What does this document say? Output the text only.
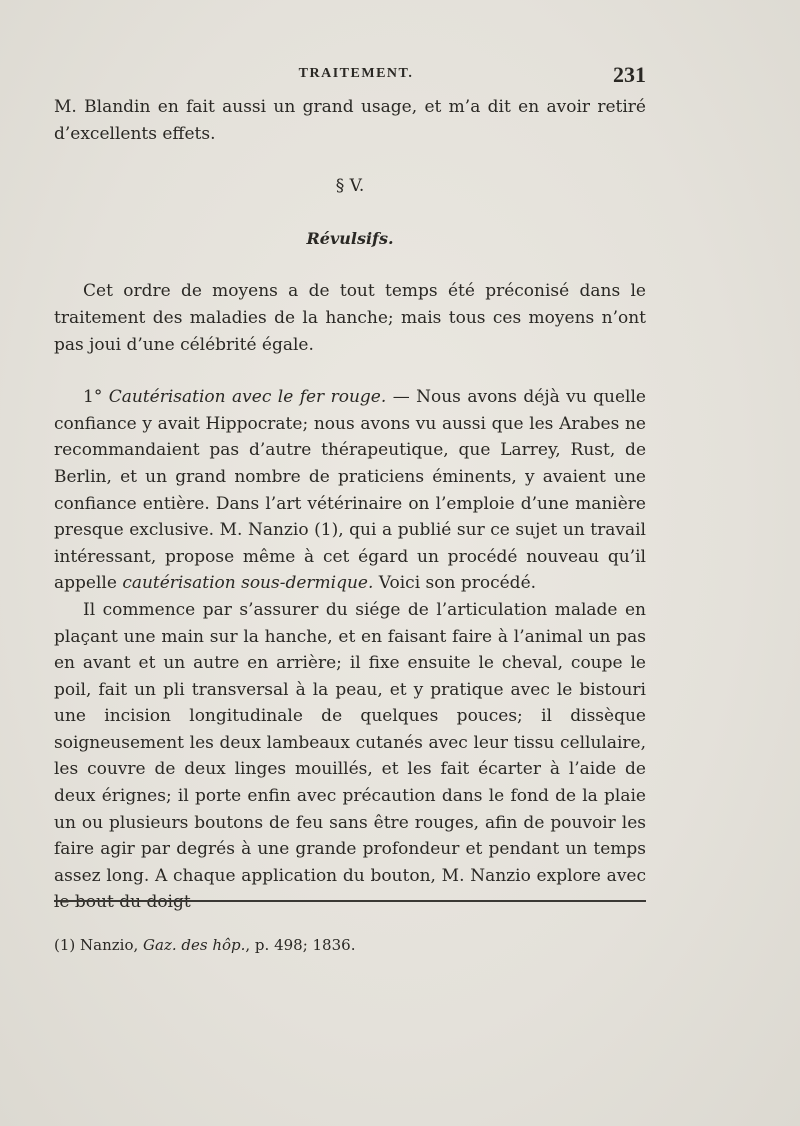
TRAITEMENT.	231

M. Blandin en fait aussi un grand usage, et m’a dit en avoir retiré d’excellents effets.

§ V.

Révulsifs.

Cet ordre de moyens a de tout temps été préconisé dans le traitement des maladies de la hanche; mais tous ces moyens n’ont pas joui d’une célébrité égale.

1° Cautérisation avec le fer rouge. — Nous avons déjà vu quelle confiance y avait Hippocrate; nous avons vu aussi que les Arabes ne recommandaient pas d’autre thérapeutique, que Larrey, Rust, de Berlin, et un grand nombre de praticiens éminents, y avaient une confiance entière. Dans l’art vétérinaire on l’emploie d’une manière presque exclusive. M. Nanzio (1), qui a publié sur ce sujet un travail intéressant, propose même à cet égard un procédé nouveau qu’il appelle cautérisation sous-dermique. Voici son procédé.

Il commence par s’assurer du siége de l’articulation malade en plaçant une main sur la hanche, et en faisant faire à l’animal un pas en avant et un autre en arrière; il fixe ensuite le cheval, coupe le poil, fait un pli transversal à la peau, et y pratique avec le bistouri une incision longitudinale de quelques pouces; il dissèque soigneusement les deux lambeaux cutanés avec leur tissu cellulaire, les couvre de deux linges mouillés, et les fait écarter à l’aide de deux érignes; il porte enfin avec précaution dans le fond de la plaie un ou plusieurs boutons de feu sans être rouges, afin de pouvoir les faire agir par degrés à une grande profondeur et pendant un temps assez long. A chaque application du bouton, M. Nanzio explore avec le bout du doigt

(1) Nanzio, Gaz. des hôp., p. 498; 1836.
